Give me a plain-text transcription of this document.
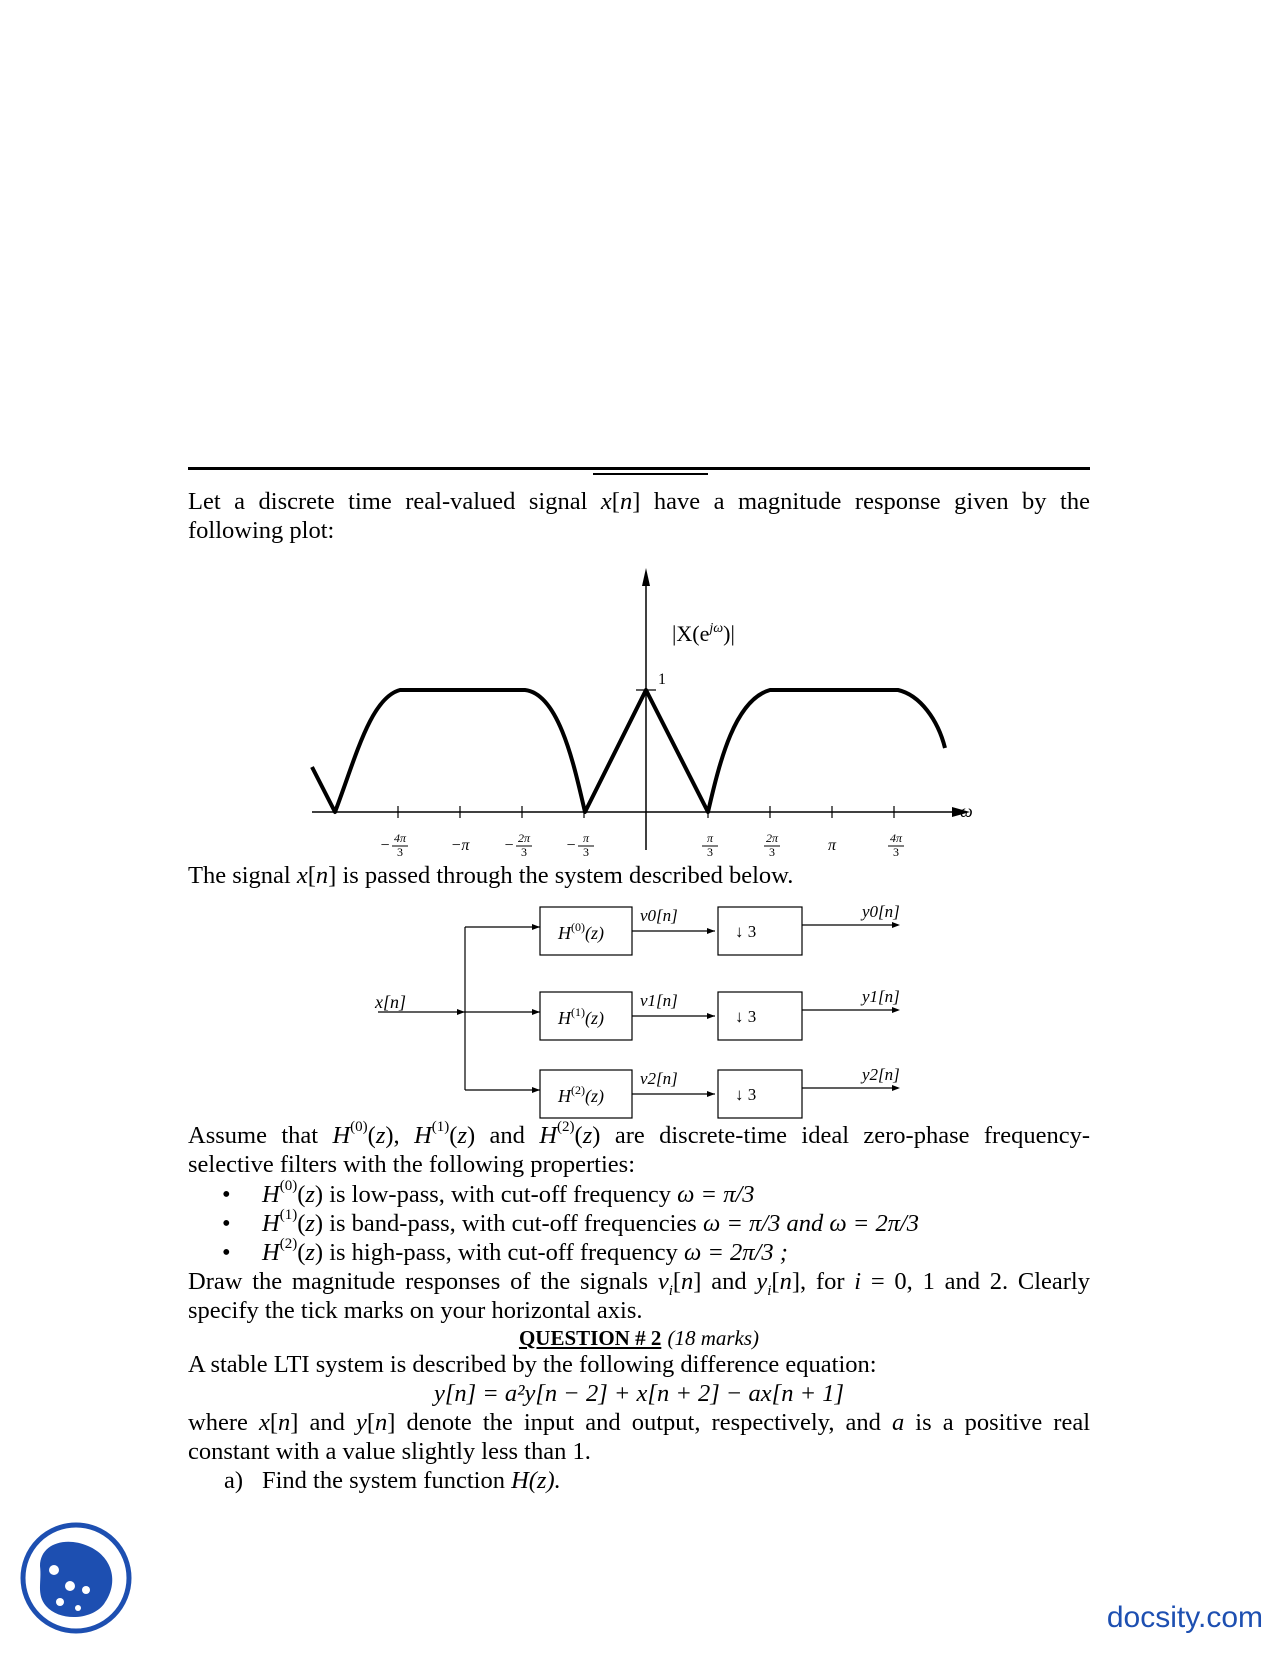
Let a discrete time real-valued signal
x[n] have a magnitude response given by the
following plot:
− 4π
3	−π − 2π
3 − π
3
π
3
2π
3	π	4π
3
$|X(e^{j\omega})|$
1
ω
The signal x[n] is passed through the system described below.
$H^{(0)}(z)$
v0[n]
↓ 3
y0[n]
$H^{(1)}(z)$
v1[n]
↓ 3
y1[n]
$H^{(2)}(z)$
v2[n]
↓ 3
y2[n]
x[n]
Assume that $H^{(0)}(z)$, $H^{(1)}(z)$ and $H^{(2)}(z)$ are discrete-time ideal zero-phase frequency-
selective filters with the following properties:
•	$H^{(0)}(z)$ is low-pass, with cut-off frequency ω = π/3
•	$H^{(1)}(z)$ is band-pass, with cut-off frequencies ω = π/3 and ω = 2π/3
•	$H^{(2)}(z)$ is high-pass, with cut-off frequency ω = 2π/3 ;
Draw the magnitude responses of the signals $v_i[n]$ and $y_i[n]$, for i = 0, 1 and 2. Clearly
specify the tick marks on your horizontal axis.
QUESTION # 2 (18 marks)
A stable LTI system is described by the following difference equation:
y[n] = a²y[n − 2] + x[n + 2] − ax[n + 1]
where x[n] and y[n] denote the input and output, respectively, and a is a positive real
constant with a value slightly less than 1.
a) Find the system function H(z).
docsity.com
